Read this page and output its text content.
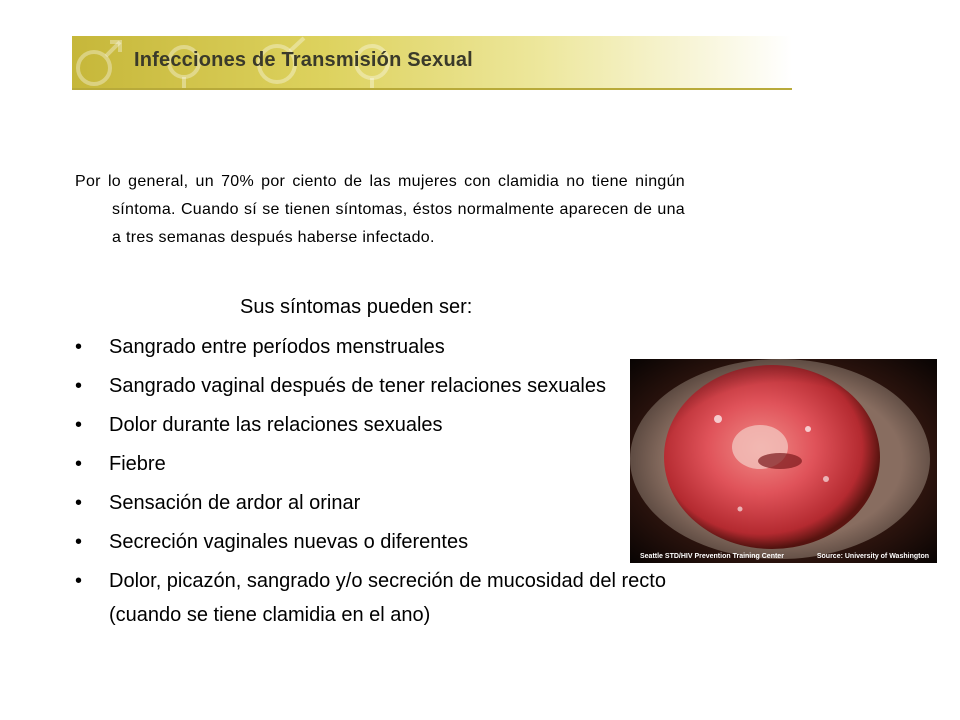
Infecciones de Transmisión Sexual

Por lo general, un 70% por ciento de las mujeres con clamidia no tiene ningún síntoma. Cuando sí se tienen síntomas, éstos normalmente aparecen de una a tres semanas después haberse infectado.

Sus síntomas pueden ser:
•	Sangrado entre períodos menstruales
•	Sangrado vaginal después de tener relaciones sexuales
•	Dolor durante las relaciones sexuales
•	Fiebre
•	Sensación de ardor al orinar
•	Secreción vaginales nuevas o diferentes
•	Dolor, picazón, sangrado y/o secreción de mucosidad del recto (cuando se tiene clamidia en el ano)
Seattle STD/HIV Prevention Training Center	Source: University of Washington
